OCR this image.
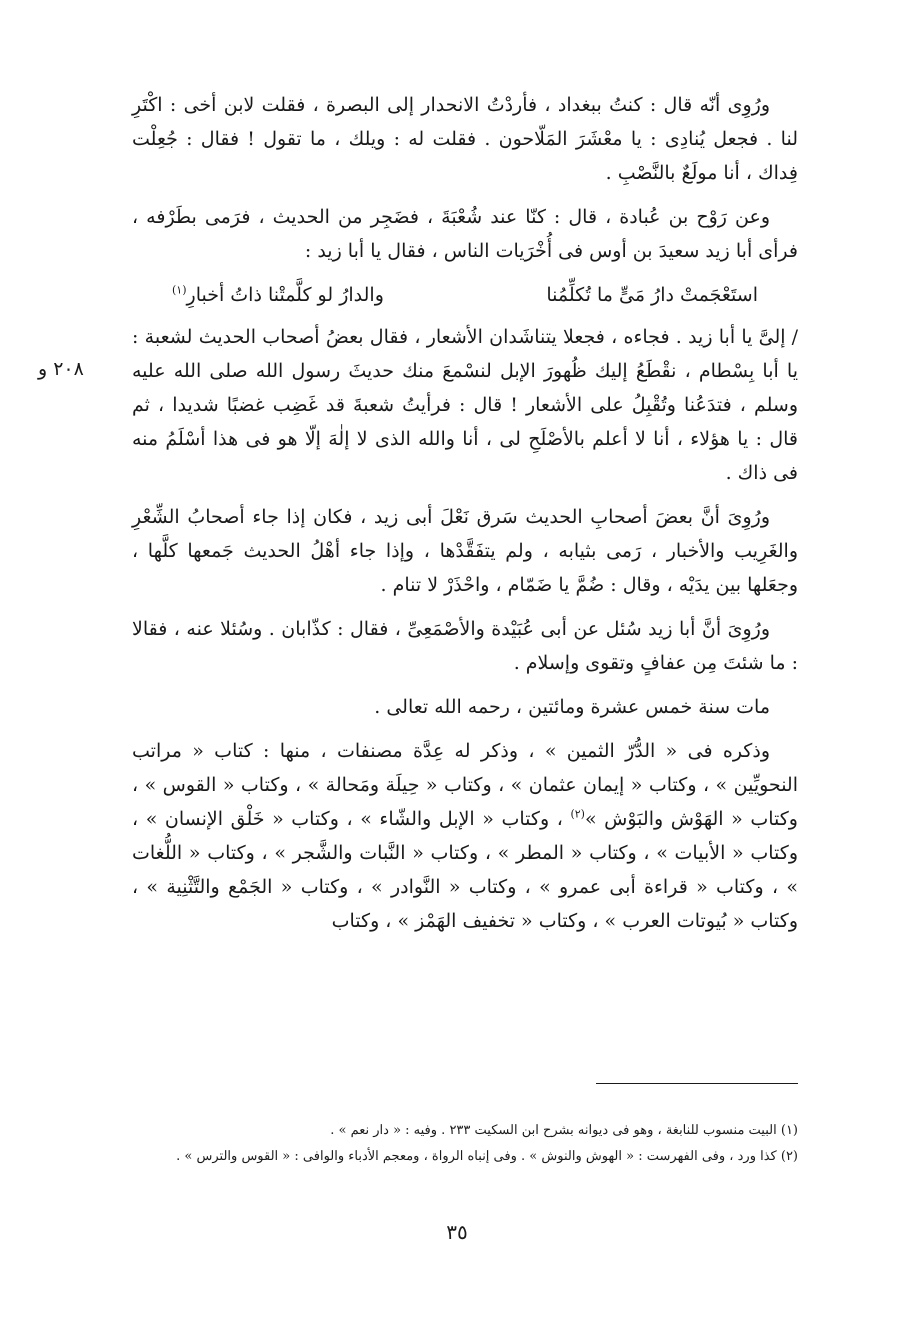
٢٠٨ و

ورُوِى أنّه قال : كنتُ ببغداد ، فأردْتُ الانحدار إلى البصرة ، فقلت لابن أخى : اكْتَرِ لنا . فجعل يُنادِى : يا معْشَرَ المَلّاحون . فقلت له : ويلك ، ما تقول ! فقال : جُعِلْت فِداك ، أنا مولَعٌ بالنَّصْبِ .

وعن رَوْح بن عُبادة ، قال : كنّا عند شُعْبَةَ ، فضَجِر من الحديث ، فرَمى بطَرْفه ، فرأى أبا زيد سعيدَ بن أوس فى أُخْرَيات الناس ، فقال يا أبا زيد :

استَعْجَمتْ دارُ مَىٍّ ما تُكلِّمُنا
والدارُ لو كلَّمتْنا ذاتُ أخبارِ$^{(١)}$

/إلىَّ يا أبا زيد . فجاءه ، فجعلا يتناشَدان الأشعار ، فقال بعضُ أصحاب الحديث لشعبة : يا أبا بِسْطام ، نقْطَعُ إليك ظُهورَ الإبل لنسْمعَ منك حديثَ رسول الله صلى الله عليه وسلم ، فتدَعُنا وتُقْبِلُ على الأشعار ! قال : فرأيتُ شعبةَ قد غَضِب غضبًا شديدا ، ثم قال : يا هؤلاء ، أنا لا أعلم بالأصْلَحِ لى ، أنا والله الذى لا إلٰهَ إلّا هو فى هذا أسْلَمُ منه فى ذاك .

ورُوِىَ أنَّ بعضَ أصحابِ الحديث سَرق نَعْلَ أبى زيد ، فكان إذا جاء أصحابُ الشِّعْرِ والغَرِيب والأخبار ، رَمى بثيابه ، ولم يتفَقَّدْها ، وإذا جاء أهْلُ الحديث جَمعها كلَّها ، وجعَلها بين يدَيْه ، وقال : ضُمَّ يا ضَمّام ، واحْذَرْ لا تنام .

ورُوِىَ أنَّ أبا زيد سُئل عن أبى عُبَيْدة والأصْمَعِىِّ ، فقال : كذّابان . وسُئلا عنه ، فقالا : ما شئتَ مِن عفافٍ وتقوى وإسلام .

مات سنة خمس عشرة ومائتين ، رحمه الله تعالى .

وذكره فى « الدُّرّ الثمين » ، وذكر له عِدَّة مصنفات ، منها : كتاب « مراتب النحويِّين » ، وكتاب « إيمان عثمان » ، وكتاب « حِيلَة ومَحالة » ، وكتاب « القوس » ، وكتاب « الهَوْش والبَوْش »$^{(٢)}$ ، وكتاب « الإبل والشّاء » ، وكتاب « خَلْق الإنسان » ، وكتاب « الأبيات » ، وكتاب « المطر » ، وكتاب « النَّبات والشَّجر » ، وكتاب « اللُّغات » ، وكتاب « قراءة أبى عمرو » ، وكتاب « النَّوادر » ، وكتاب « الجَمْع والتَّثْنِية » ، وكتاب « بُيوتات العرب » ، وكتاب « تخفيف الهَمْز » ، وكتاب

(١) البيت منسوب للنابغة ، وهو فى ديوانه بشرح ابن السكيت ٢٣٣ . وفيه : « دار نعم » .

(٢) كذا ورد ، وفى الفهرست : « الهوش والنوش » . وفى إنباه الرواة ، ومعجم الأدباء والوافى : « القوس والترس » .

٣٥
